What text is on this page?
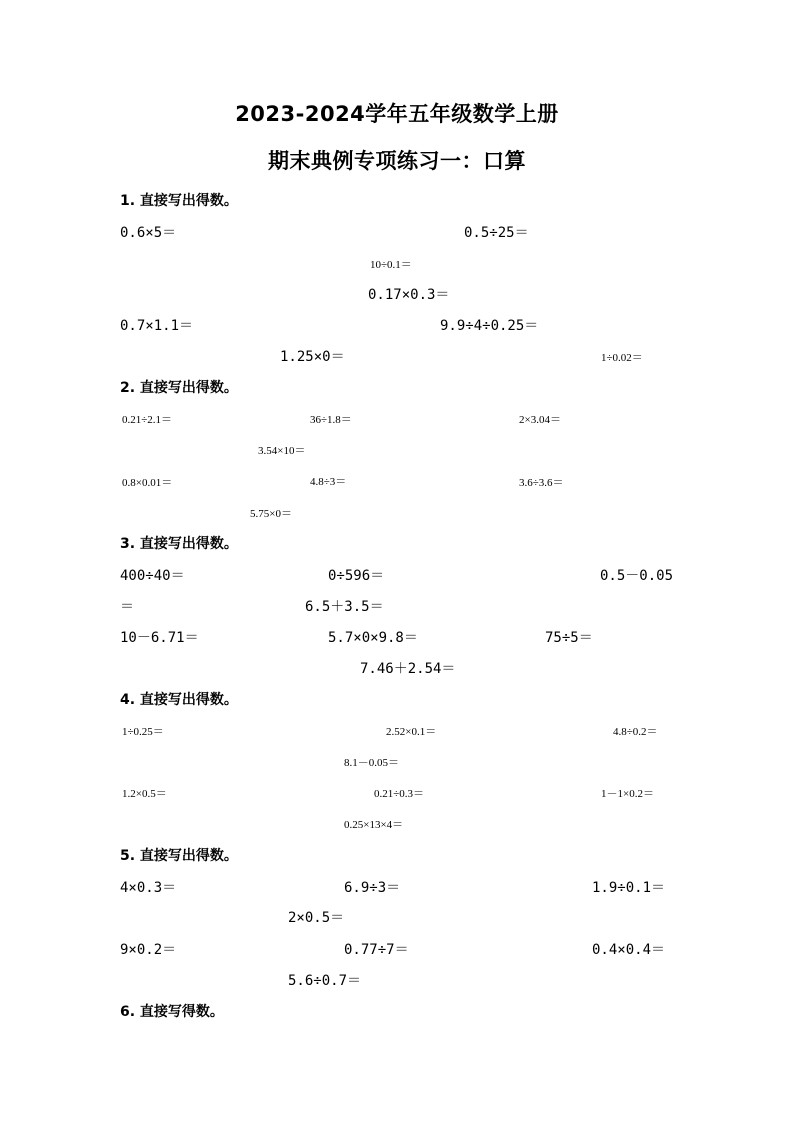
2023-2024学年五年级数学上册
期末典例专项练习一：口算
1. 直接写出得数。
0.6×5＝	0.5÷25＝
10÷0.1＝
0.17×0.3＝
0.7×1.1＝	9.9÷4÷0.25＝
1.25×0＝	1÷0.02＝
2. 直接写出得数。
0.21÷2.1＝	36÷1.8＝	2×3.04＝
3.54×10＝
0.8×0.01＝	4.8÷3＝	3.6÷3.6＝
5.75×0＝
3. 直接写出得数。
400÷40＝	0÷596＝	0.5－0.05
＝	6.5＋3.5＝
10－6.71＝	5.7×0×9.8＝	75÷5＝
7.46＋2.54＝
4. 直接写出得数。
1÷0.25＝	2.52×0.1＝	4.8÷0.2＝
8.1－0.05＝
1.2×0.5＝	0.21÷0.3＝	1－1×0.2＝
0.25×13×4＝
5. 直接写出得数。
4×0.3＝	6.9÷3＝	1.9÷0.1＝
2×0.5＝
9×0.2＝	0.77÷7＝	0.4×0.4＝
5.6÷0.7＝
6. 直接写得数。
